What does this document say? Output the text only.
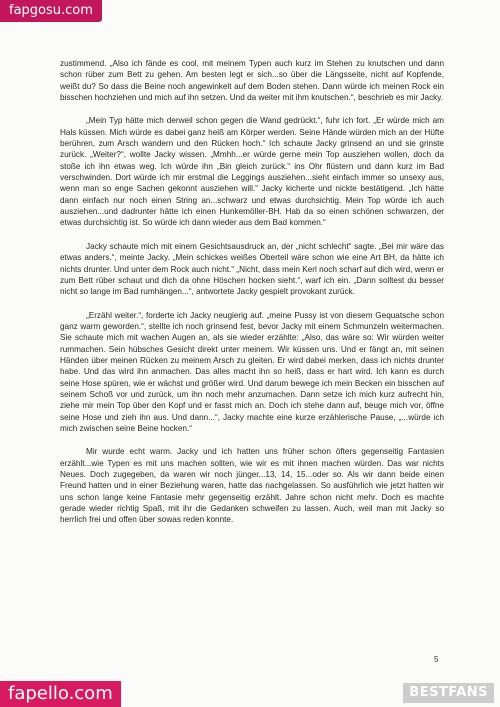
fapgosu.com

zustimmend. „Also ich fände es cool, mit meinem Typen auch kurz im Stehen zu knutschen und dann schon rüber zum Bett zu gehen. Am besten legt er sich...so über die Längsseite, nicht auf Kopfende, weißt du? So dass die Beine noch angewinkelt auf dem Boden stehen. Dann würde ich meinen Rock ein bisschen hochziehen und mich auf ihn setzen. Und da weiter mit ihm knutschen.“, beschrieb es mir Jacky.

„Mein Typ hätte mich derweil schon gegen die Wand gedrückt.“, fuhr ich fort. „Er würde mich am Hals küssen. Mich würde es dabei ganz heiß am Körper werden. Seine Hände würden mich an der Hüfte berühren, zum Arsch wandern und den Rücken hoch.“ Ich schaute Jacky grinsend an und sie grinste zurück. „Weiter?“, wollte Jacky wissen. „Mmhh...er würde gerne mein Top ausziehen wollen, doch da stoße ich ihn etwas weg. Ich würde ihn „Bin gleich zurück.“ ins Ohr flüstern und dann kurz im Bad verschwinden. Dort würde ich mir erstmal die Leggings ausziehen...sieht einfach immer so unsexy aus, wenn man so enge Sachen gekonnt ausziehen will.“ Jacky kicherte und nickte bestätigend. „Ich hätte dann einfach nur noch einen String an...schwarz und etwas durchsichtig. Mein Top würde ich auch ausziehen...und dadrunter hätte ich einen Hunkemöller-BH. Hab da so einen schönen schwarzen, der etwas durchsichtig ist. So würde ich dann wieder aus dem Bad kommen.“

Jacky schaute mich mit einem Gesichtsausdruck an, der „nicht schlecht“ sagte. „Bei mir wäre das etwas anders.“, meinte Jacky. „Mein schickes weißes Oberteil wäre schon wie eine Art BH, da hätte ich nichts drunter. Und unter dem Rock auch nicht.“ „Nicht, dass mein Kerl noch scharf auf dich wird, wenn er zum Bett rüber schaut und dich da ohne Höschen hocken sieht.“, warf ich ein. „Dann solltest du besser nicht so lange im Bad rumhängen...“, antwortete Jacky gespielt provokant zurück.

„Erzähl weiter.“, forderte ich Jacky neugierig auf. „meine Pussy ist von diesem Gequatsche schon ganz warm geworden.“, stellte ich noch grinsend fest, bevor Jacky mit einem Schmunzeln weitermachen. Sie schaute mich mit wachen Augen an, als sie wieder erzählte: „Also, das wäre so: Wir würden weiter rummachen. Sein hübsches Gesicht direkt unter meinem. Wir küssen uns. Und er fängt an, mit seinen Händen über meinen Rücken zu meinem Arsch zu gleiten. Er wird dabei merken, dass ich nichts drunter habe. Und das wird ihn anmachen. Das alles macht ihn so heiß, dass er hart wird. Ich kann es durch seine Hose spüren, wie er wächst und größer wird. Und darum bewege ich mein Becken ein bisschen auf seinem Schoß vor und zurück, um ihn noch mehr anzumachen. Dann setze ich mich kurz aufrecht hin, ziehe mir mein Top über den Kopf und er fasst mich an. Doch ich stehe dann auf, beuge mich vor, öffne seine Hose und zieh ihn aus. Und dann...“, Jacky machte eine kurze erzählerische Pause, „...würde ich mich zwischen seine Beine hocken.“

Mir wurde echt warm. Jacky und ich hatten uns früher schon öfters gegenseitig Fantasien erzählt...wie Typen es mit uns machen sollten, wie wir es mit ihnen machen würden. Das war nichts Neues. Doch zugegeben, da waren wir noch jünger...13, 14, 15...oder so. Als wir dann beide einen Freund hatten und in einer Beziehung waren, hatte das nachgelassen. So ausführlich wie jetzt hatten wir uns schon lange keine Fantasie mehr gegenseitig erzählt. Jahre schon nicht mehr. Doch es machte gerade wieder richtig Spaß, mit ihr die Gedanken schweifen zu lassen. Auch, weil man mit Jacky so herrlich frei und offen über sowas reden konnte.

5
fapello.com	BESTFANS
